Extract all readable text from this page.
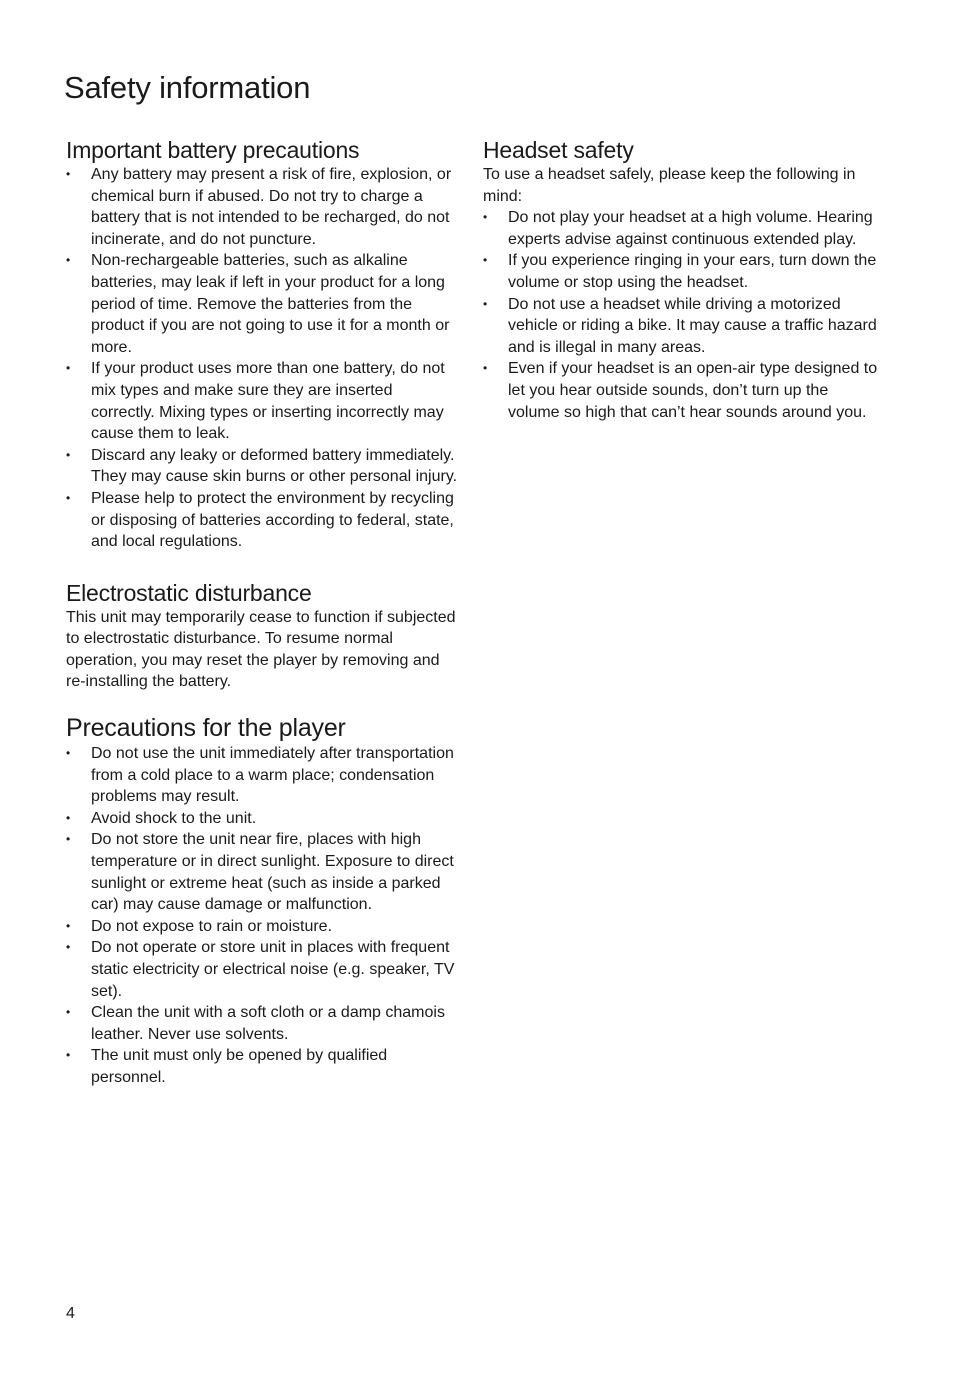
Safety information
Important battery precautions
• Any battery may present a risk of fire, explosion, or chemical burn if abused. Do not try to charge a battery that is not intended to be recharged, do not incinerate, and do not puncture.
• Non-rechargeable batteries, such as alkaline batteries, may leak if left in your product for a long period of time. Remove the batteries from the product if you are not going to use it for a month or more.
• If your product uses more than one battery, do not mix types and make sure they are inserted correctly. Mixing types or inserting incorrectly may cause them to leak.
• Discard any leaky or deformed battery immediately. They may cause skin burns or other personal injury.
• Please help to protect the environment by recycling or disposing of batteries according to federal, state, and local regulations.
Electrostatic disturbance

This unit may temporarily cease to function if subjected to electrostatic disturbance. To resume normal operation, you may reset the player by removing and re-installing the battery.

Precautions for the player
• Do not use the unit immediately after transportation from a cold place to a warm place; condensation problems may result.
• Avoid shock to the unit.
• Do not store the unit near fire, places with high temperature or in direct sunlight. Exposure to direct sunlight or extreme heat (such as inside a parked car) may cause damage or malfunction.
• Do not expose to rain or moisture.
• Do not operate or store unit in places with frequent static electricity or electrical noise (e.g. speaker, TV set).
• Clean the unit with a soft cloth or a damp chamois leather. Never use solvents.
• The unit must only be opened by qualified personnel.
Headset safety

To use a headset safely, please keep the following in mind:

• Do not play your headset at a high volume. Hearing experts advise against continuous extended play.
• If you experience ringing in your ears, turn down the volume or stop using the headset.
• Do not use a headset while driving a motorized vehicle or riding a bike. It may cause a traffic hazard and is illegal in many areas.
• Even if your headset is an open-air type designed to let you hear outside sounds, don’t turn up the volume so high that can’t hear sounds around you.
4
